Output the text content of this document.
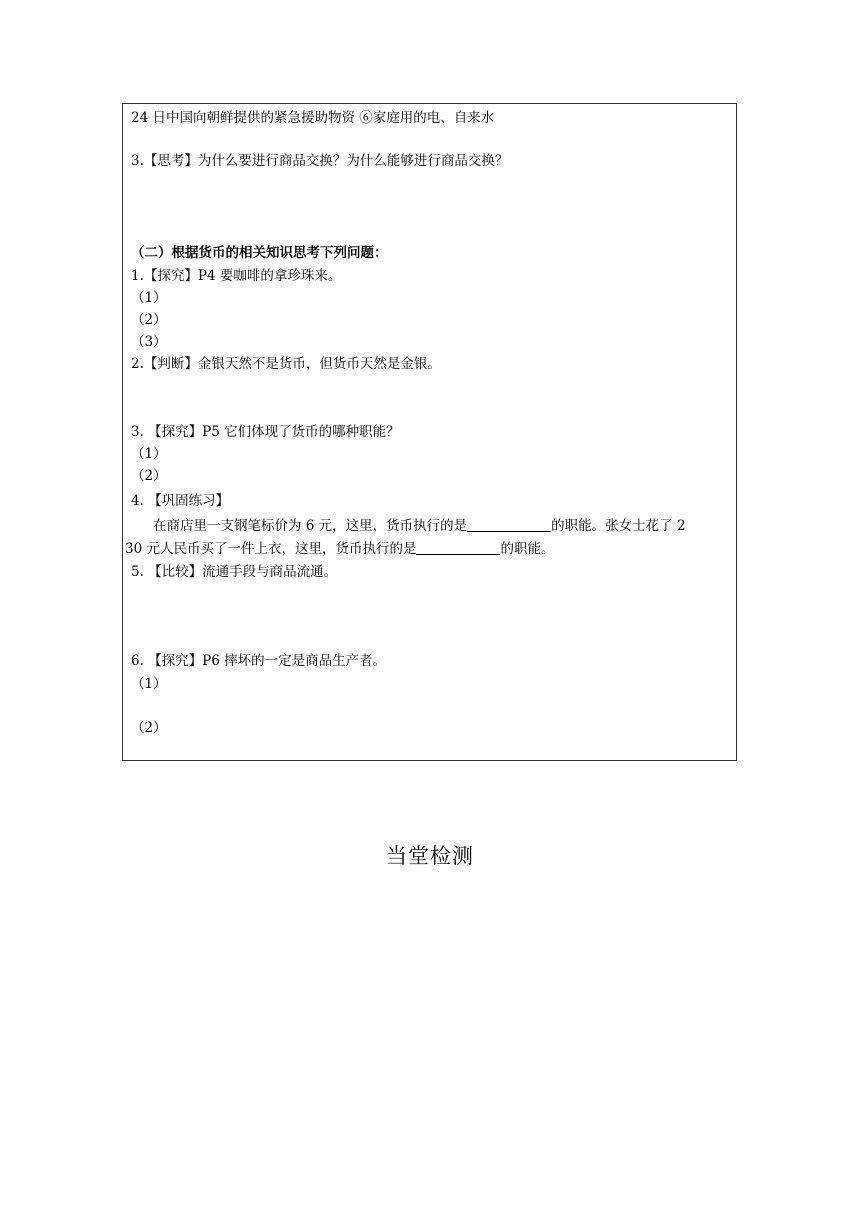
24 日中国向朝鲜提供的紧急援助物资 ⑥家庭用的电、自来水
3.【思考】为什么要进行商品交换？为什么能够进行商品交换？
（二）根据货币的相关知识思考下列问题：
1.【探究】P4 要咖啡的拿珍珠来。
（1）
（2）
（3）
2.【判断】金银天然不是货币，但货币天然是金银。
3. 【探究】P5 它们体现了货币的哪种职能？
（1）
（2）
4. 【巩固练习】
在商店里一支钢笔标价为 6 元，这里，货币执行的是	的职能。张女士花了 2
30 元人民币买了一件上衣，这里，货币执行的是	的职能。
5. 【比较】流通手段与商品流通。
6. 【探究】P6 摔坏的一定是商品生产者。
（1）
（2）
当堂检测
